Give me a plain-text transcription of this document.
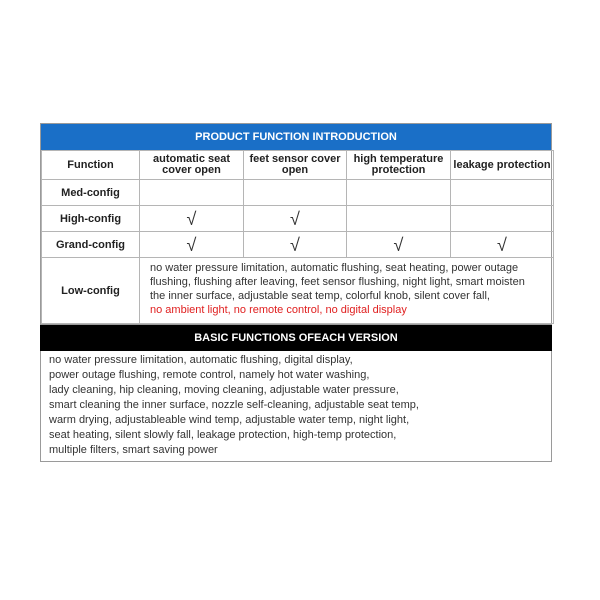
PRODUCT FUNCTION INTRODUCTION
Function	automatic seat cover open	feet sensor cover open	high temperature protection	leakage protection
Med-config				
High-config	√	√		
Grand-config	√	√	√	√
Low-config	no water pressure limitation, automatic flushing, seat heating, power outage flushing, flushing after leaving, feet sensor flushing, night light, smart moisten the inner surface, adjustable seat temp, colorful knob, silent cover fall,
no ambient light, no remote control, no digital display			
BASIC FUNCTIONS OFEACH VERSION
no water pressure limitation, automatic flushing, digital display,
power outage flushing, remote control, namely hot water washing,
lady cleaning, hip cleaning, moving cleaning, adjustable water pressure,
smart cleaning the inner surface, nozzle self-cleaning, adjustable seat temp,
warm drying, adjustableable wind temp, adjustable water temp, night light,
seat heating, silent slowly fall, leakage protection, high-temp protection,
multiple filters, smart saving power
